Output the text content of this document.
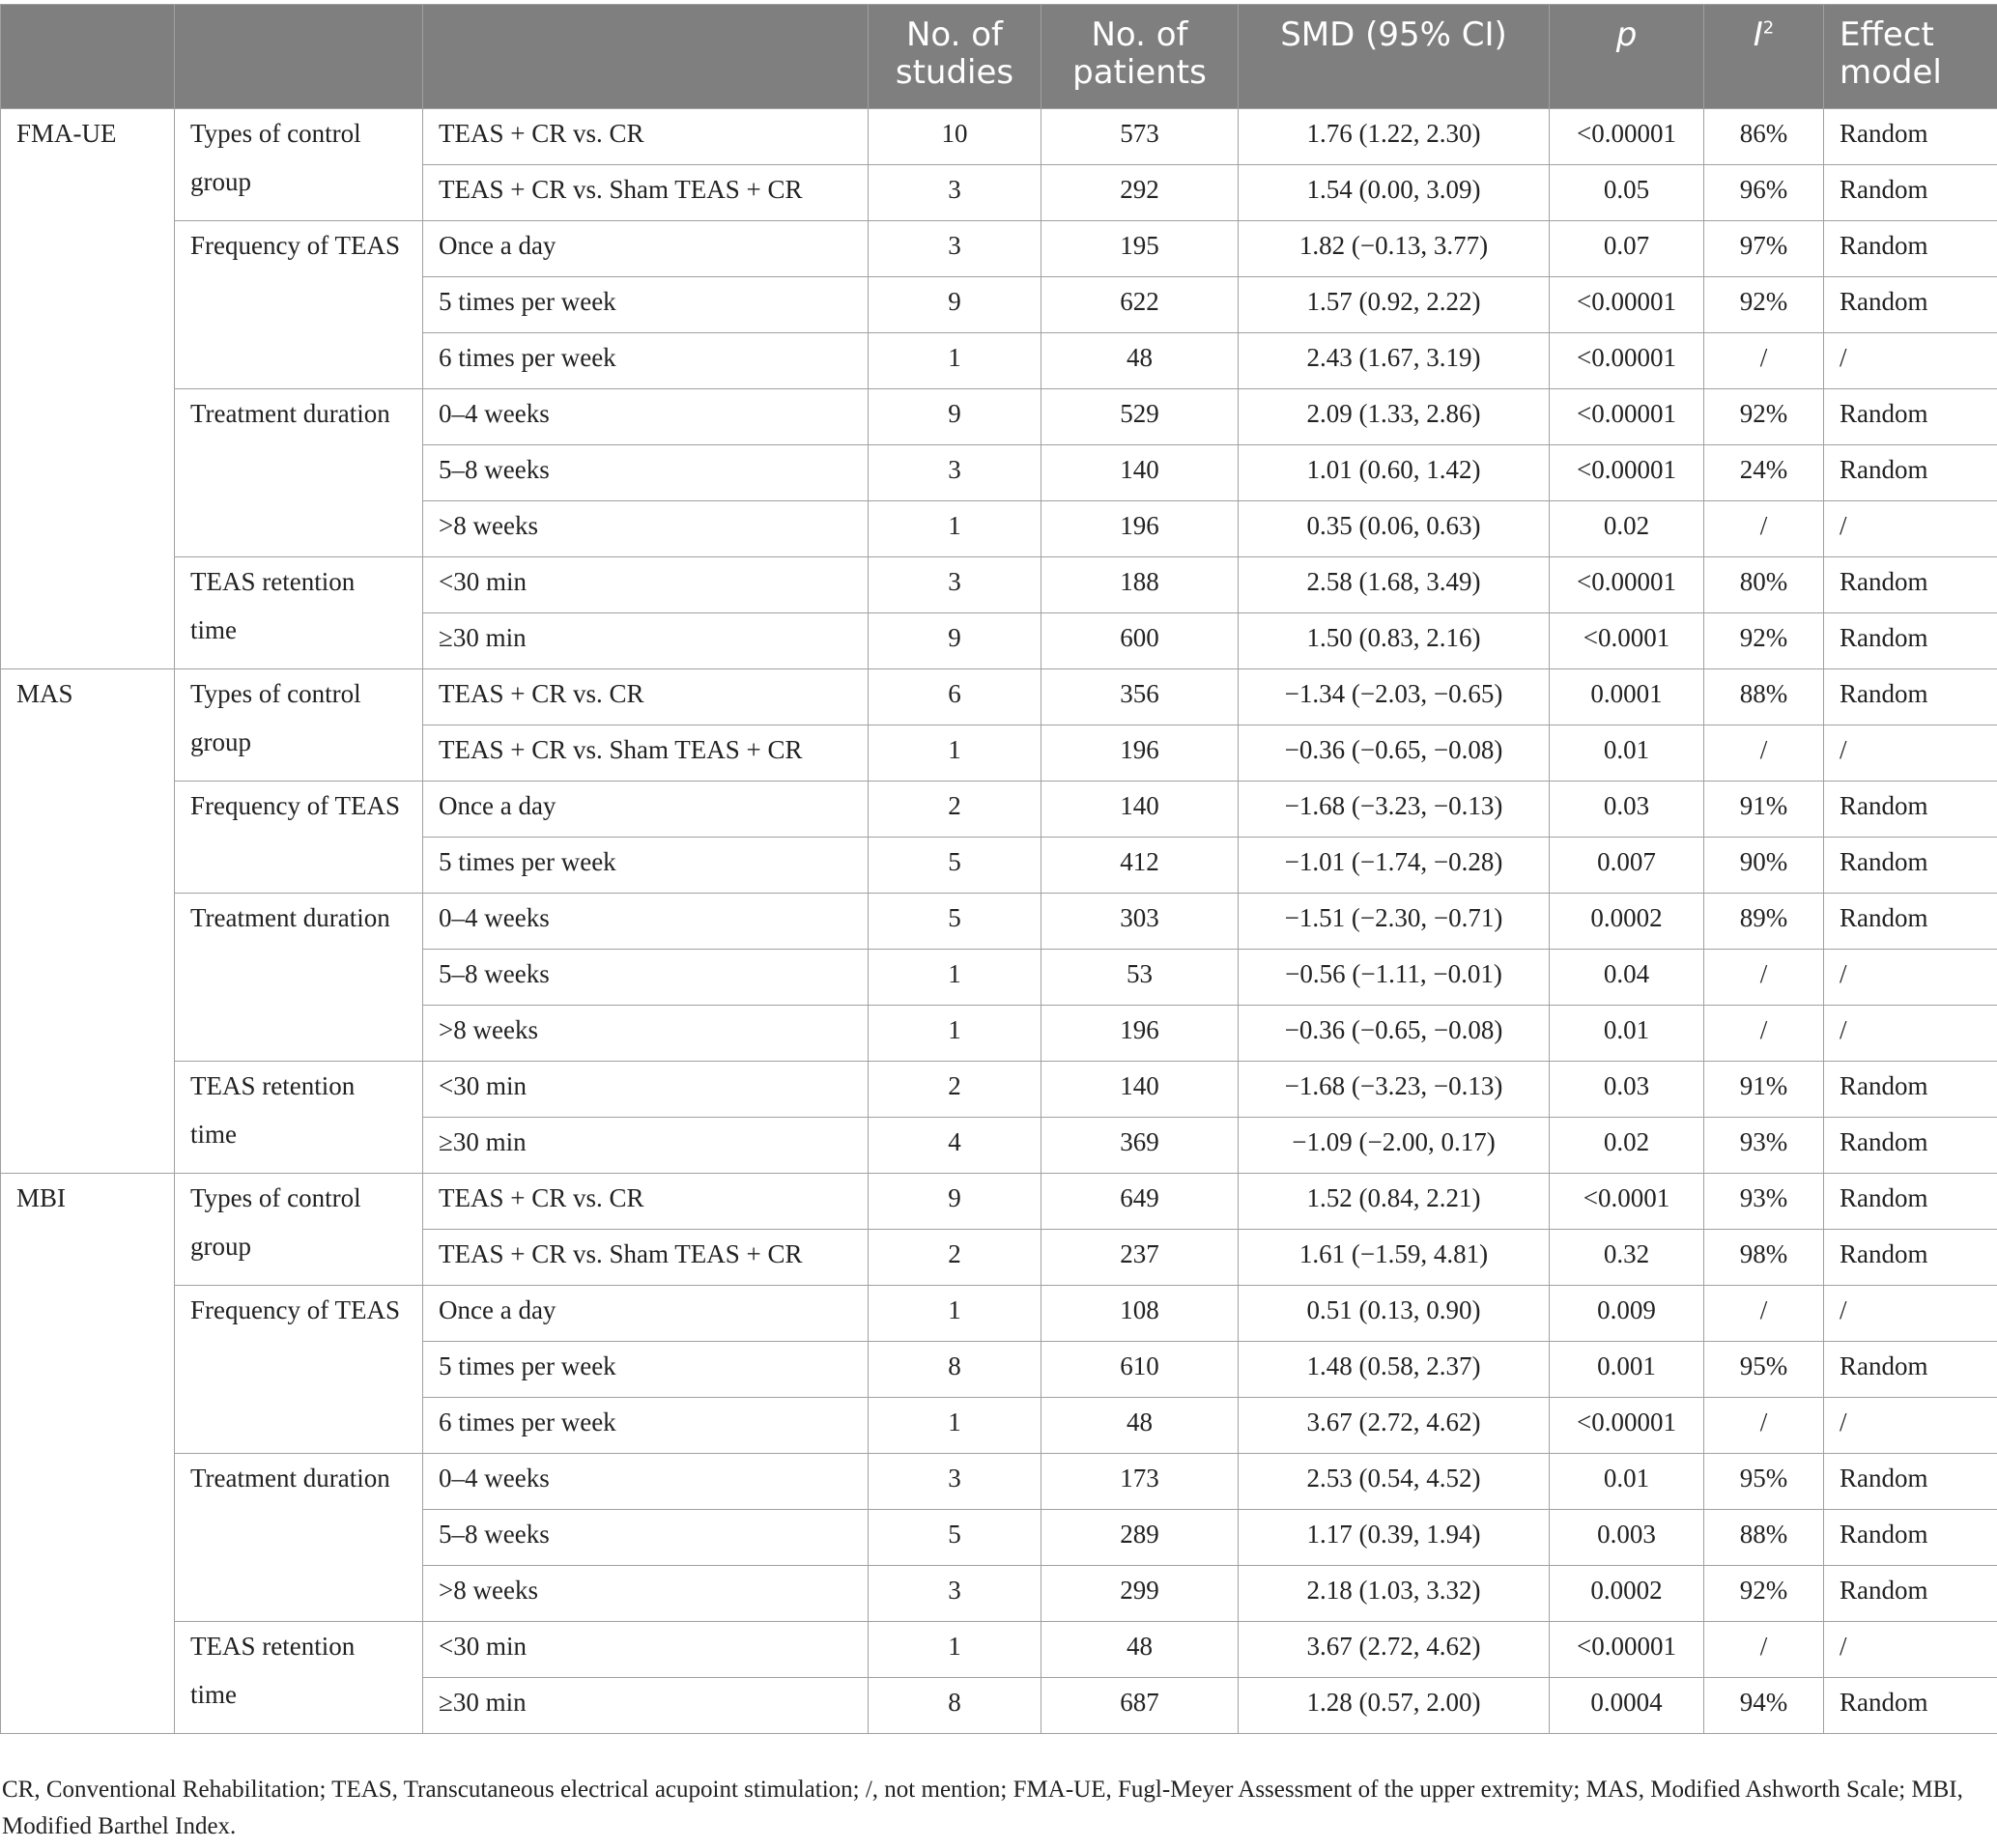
			No. of studies	No. of patients	SMD (95% CI)	p	$I^2$	Effect model
FMA-UE	Types of control group	TEAS + CR vs. CR	10	573	1.76 (1.22, 2.30)	<0.00001	86%	Random
		TEAS + CR vs. Sham TEAS + CR	3	292	1.54 (0.00, 3.09)	0.05	96%	Random
	Frequency of TEAS	Once a day	3	195	1.82 (−0.13, 3.77)	0.07	97%	Random
		5 times per week	9	622	1.57 (0.92, 2.22)	<0.00001	92%	Random
		6 times per week	1	48	2.43 (1.67, 3.19)	<0.00001	/	/
	Treatment duration	0–4 weeks	9	529	2.09 (1.33, 2.86)	<0.00001	92%	Random
		5–8 weeks	3	140	1.01 (0.60, 1.42)	<0.00001	24%	Random
		>8 weeks	1	196	0.35 (0.06, 0.63)	0.02	/	/
	TEAS retention time	<30 min	3	188	2.58 (1.68, 3.49)	<0.00001	80%	Random
		≥30 min	9	600	1.50 (0.83, 2.16)	<0.0001	92%	Random
MAS	Types of control group	TEAS + CR vs. CR	6	356	−1.34 (−2.03, −0.65)	0.0001	88%	Random
		TEAS + CR vs. Sham TEAS + CR	1	196	−0.36 (−0.65, −0.08)	0.01	/	/
	Frequency of TEAS	Once a day	2	140	−1.68 (−3.23, −0.13)	0.03	91%	Random
		5 times per week	5	412	−1.01 (−1.74, −0.28)	0.007	90%	Random
	Treatment duration	0–4 weeks	5	303	−1.51 (−2.30, −0.71)	0.0002	89%	Random
		5–8 weeks	1	53	−0.56 (−1.11, −0.01)	0.04	/	/
		>8 weeks	1	196	−0.36 (−0.65, −0.08)	0.01	/	/
	TEAS retention time	<30 min	2	140	−1.68 (−3.23, −0.13)	0.03	91%	Random
		≥30 min	4	369	−1.09 (−2.00, 0.17)	0.02	93%	Random
MBI	Types of control group	TEAS + CR vs. CR	9	649	1.52 (0.84, 2.21)	<0.0001	93%	Random
		TEAS + CR vs. Sham TEAS + CR	2	237	1.61 (−1.59, 4.81)	0.32	98%	Random
	Frequency of TEAS	Once a day	1	108	0.51 (0.13, 0.90)	0.009	/	/
		5 times per week	8	610	1.48 (0.58, 2.37)	0.001	95%	Random
		6 times per week	1	48	3.67 (2.72, 4.62)	<0.00001	/	/
	Treatment duration	0–4 weeks	3	173	2.53 (0.54, 4.52)	0.01	95%	Random
		5–8 weeks	5	289	1.17 (0.39, 1.94)	0.003	88%	Random
		>8 weeks	3	299	2.18 (1.03, 3.32)	0.0002	92%	Random
	TEAS retention time	<30 min	1	48	3.67 (2.72, 4.62)	<0.00001	/	/
		≥30 min	8	687	1.28 (0.57, 2.00)	0.0004	94%	Random
CR, Conventional Rehabilitation; TEAS, Transcutaneous electrical acupoint stimulation; /, not mention; FMA-UE, Fugl-Meyer Assessment of the upper extremity; MAS, Modified Ashworth Scale; MBI, Modified Barthel Index.
